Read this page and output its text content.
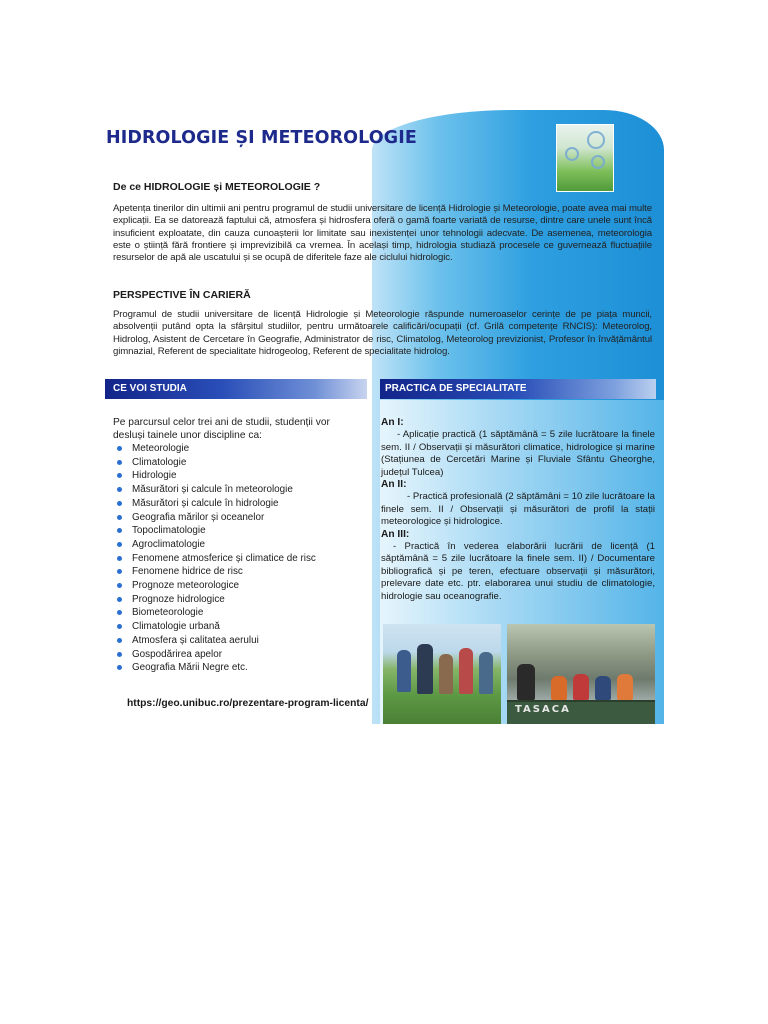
HIDROLOGIE ȘI METEOROLOGIE
De ce HIDROLOGIE și METEOROLOGIE ?

Apetența tinerilor din ultimii ani pentru programul de studii universitare de licență Hidrologie și Meteorologie, poate avea mai multe explicații. Ea se datorează faptului că, atmosfera și hidrosfera oferă o gamă foarte variată de resurse, dintre care unele sunt încă insuficient exploatate, din cauza cunoașterii lor limitate sau inexistenței unor tehnologii adecvate. De asemenea, meteorologia este o știință fără frontiere și imprevizibilă ca vremea. În același timp, hidrologia studiază procesele ce guvernează fluctuațiile resurselor de apă ale uscatului și se ocupă de diferitele faze ale ciclului hidrologic.

PERSPECTIVE ÎN CARIERĂ

Programul de studii universitare de licență Hidrologie și Meteorologie răspunde numeroaselor cerințe de pe piața muncii, absolvenții putând opta la sfârșitul studiilor, pentru următoarele calificări/ocupații (cf. Grilă competențe RNCIS): Meteorolog, Hidrolog, Asistent de Cercetare în Geografie, Administrator de risc, Climatolog, Meteorolog previzionist, Profesor în învățământul gimnazial, Referent de specialitate hidrogeolog, Referent de specialitate hidrolog.

CE VOI STUDIA	PRACTICA DE SPECIALITATE

Pe parcursul celor trei ani de studii, studenții vor desluși tainele unor discipline ca:

Meteorologie
Climatologie
Hidrologie
Măsurători și calcule în meteorologie
Măsurători și calcule în hidrologie
Geografia mărilor și oceanelor
Topoclimatologie
Agroclimatologie
Fenomene atmosferice și climatice de risc
Fenomene hidrice de risc
Prognoze meteorologice
Prognoze hidrologice
Biometeorologie
Climatologie urbană
Atmosfera și calitatea aerului
Gospodărirea apelor
Geografia Mării Negre etc.
https://geo.unibuc.ro/prezentare-program-licenta/

An I:

- Aplicație practică (1 săptămână = 5 zile lucrătoare la finele sem. II / Observații și măsurători climatice, hidrologice și marine (Stațiunea de Cercetări Marine și Fluviale Sfântu Gheorghe, județul Tulcea)

An II:

- Practică profesională (2 săptămâni = 10 zile lucrătoare la finele sem. II / Observații și măsurători de profil la stații meteorologice și hidrologice.

An III:

- Practică în vederea elaborării lucrării de licență (1 săptămână = 5 zile lucrătoare la finele sem. II) / Documentare bibliografică și pe teren, efectuare observații și măsurători, prelevare date etc. ptr. elaborarea unui studiu de climatologie, hidrologie sau oceanografie.

TASACA
